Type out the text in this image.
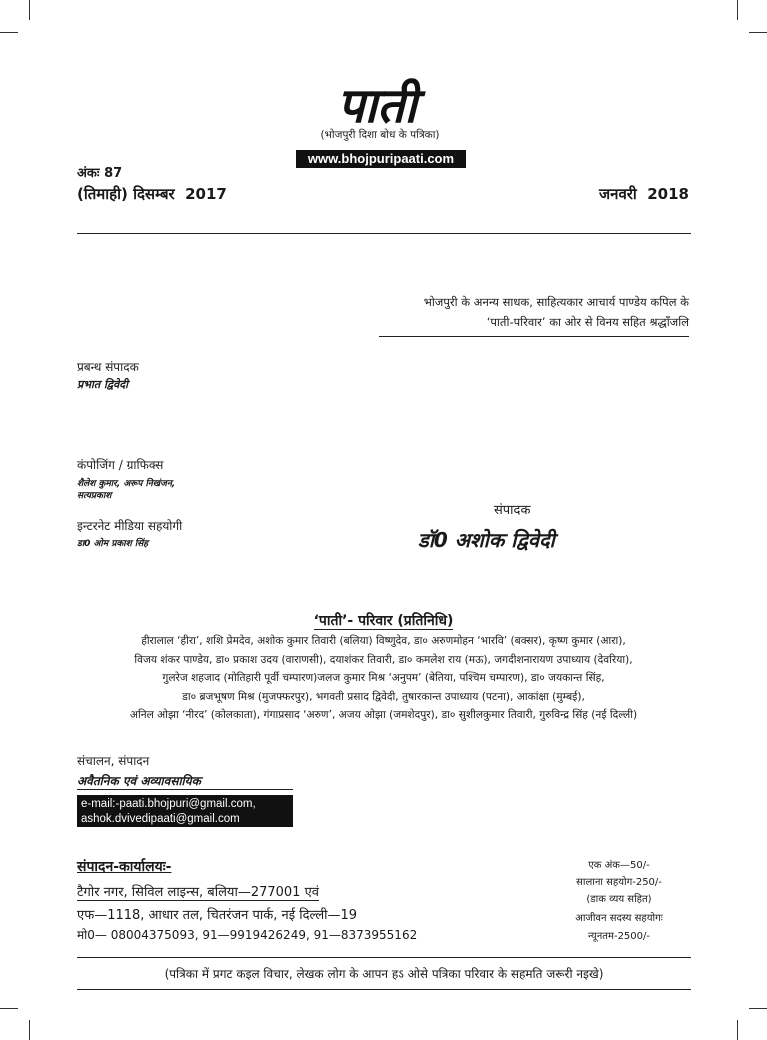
पाती
(भोजपुरी दिशा बोध के पत्रिका)
www.bhojpuripaati.com
अंकः 87
(तिमाही) दिसम्बर  2017	जनवरी  2018
भोजपुरी के अनन्य साधक, साहित्यकार आचार्य पाण्डेय कपिल के
‘पाती-परिवार’ का ओर से विनय सहित श्रद्धाँजलि
प्रबन्ध संपादक
प्रभात द्विवेदी
कंपोजिंग / ग्राफिक्स
शैलेश कुमार, अरूप निखंजन,
सत्यप्रकाश
इन्टरनेट मीडिया सहयोगी
डा0 ओम प्रकाश सिंह
संपादक
डॉ0 अशोक द्विवेदी
‘पाती’- परिवार (प्रतिनिधि)
हीरालाल ‘हीरा’, शशि प्रेमदेव, अशोक कुमार तिवारी (बलिया) विष्णुदेव, डा० अरुणमोहन ‘भारवि’ (बक्सर), कृष्ण कुमार (आरा),
विजय शंकर पाण्डेय, डा० प्रकाश उदय (वाराणसी), दयाशंकर तिवारी, डा० कमलेश राय (मऊ), जगदीशनारायण उपाध्याय (देवरिया),
गुलरेज शहजाद (मोतिहारी पूर्वी चम्पारण)जलज कुमार मिश्र ‘अनुपम’ (बेतिया, पश्चिम चम्पारण), डा० जयकान्त सिंह,
डा० ब्रजभूषण मिश्र (मुजफ्फरपुर), भगवती प्रसाद द्विवेदी, तुषारकान्त उपाध्याय (पटना), आकांक्षा (मुम्बई),
अनिल ओझा ‘नीरद’ (कोलकाता), गंगाप्रसाद ‘अरुण’, अजय ओझा (जमशेदपुर), डा० सुशीलकुमार तिवारी, गुरुविन्द्र सिंह (नई दिल्ली)
संचालन, संपादन
अवैतनिक एवं अव्यावसायिक
e-mail:-paati.bhojpuri@gmail.com,
ashok.dvivedipaati@gmail.com
संपादन-कार्यालयः-
टैगोर नगर, सिविल लाइन्स, बलिया—277001 एवं
एफ—1118, आधार तल, चितरंजन पार्क, नई दिल्ली—19
मो0— 08004375093, 91—9919426249, 91—8373955162
एक अंक—50/-
सालाना सहयोग-250/-
(डाक व्यय सहित)
आजीवन सदस्य सहयोगः
न्यूनतम-2500/-
(पत्रिका में प्रगट कइल विचार, लेखक लोग के आपन हऽ ओसे पत्रिका परिवार के सहमति जरूरी नइखे)
